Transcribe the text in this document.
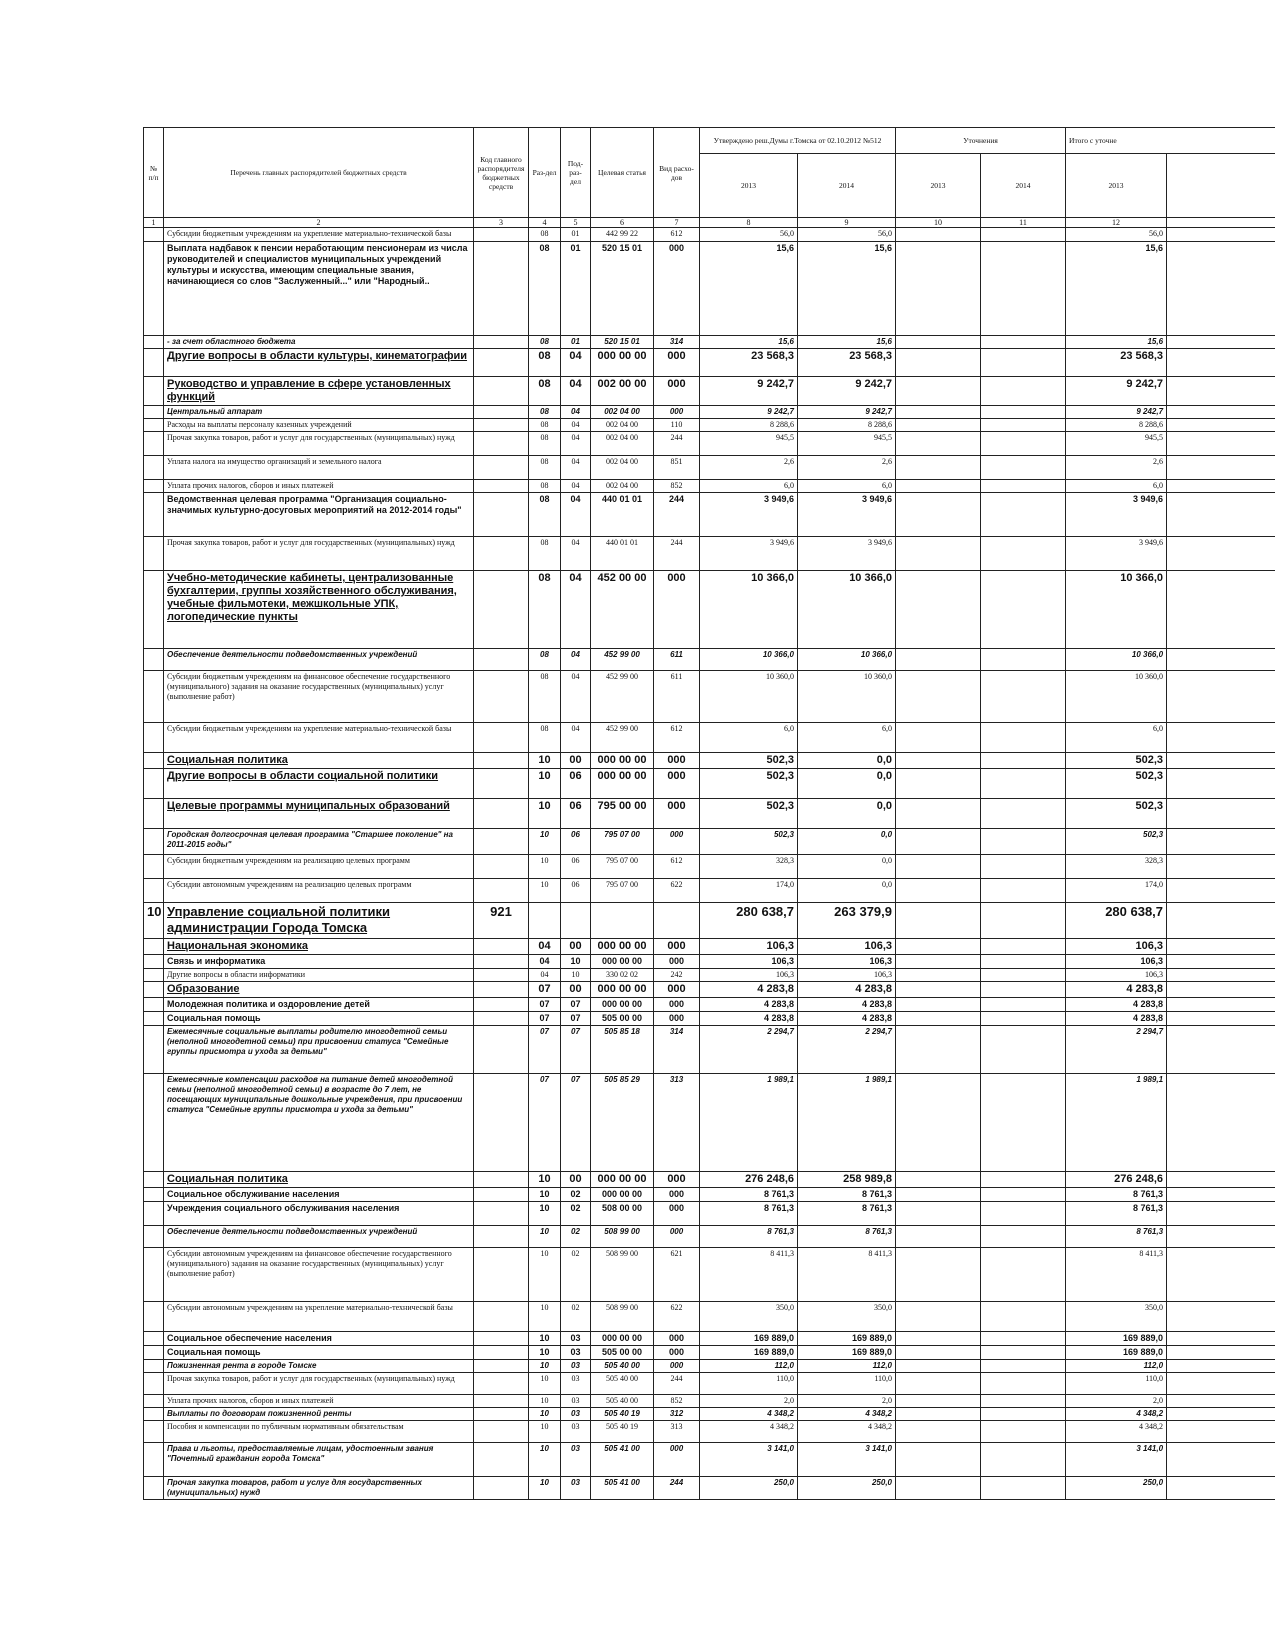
№ п/п	Перечень главных распорядителей бюджетных средств	Код главного распорядителя бюджетных средств	Раз-дел	Под-раз-дел	Целевая статья	Вид расхо-дов	Утверждено реш.Думы г.Томска от 02.10.2012 №512		Уточнения		Итого с уточне	
							2013	2014	2013	2014	2013	
1	2	3	4	5	6	7	8	9	10	11	12	
	Субсидии бюджетным учреждениям на укрепление материально-технической базы		08	01	442 99 22	612	56,0	56,0			56,0	
	Выплата надбавок к пенсии неработающим пенсионерам из числа руководителей и специалистов муниципальных учреждений культуры и искусства, имеющим специальные звания, начинающиеся со слов "Заслуженный..." или "Народный..		08	01	520 15 01	000	15,6	15,6			15,6	
	- за счет областного бюджета		08	01	520 15 01	314	15,6	15,6			15,6	
	Другие вопросы в области культуры, кинематографии		08	04	000 00 00	000	23 568,3	23 568,3			23 568,3	
	Руководство и управление в сфере установленных функций		08	04	002 00 00	000	9 242,7	9 242,7			9 242,7	
	Центральный аппарат		08	04	002 04 00	000	9 242,7	9 242,7			9 242,7	
	Расходы на выплаты персоналу казенных учреждений		08	04	002 04 00	110	8 288,6	8 288,6			8 288,6	
	Прочая закупка товаров, работ и услуг для государственных (муниципальных) нужд		08	04	002 04 00	244	945,5	945,5			945,5	
	Уплата налога на имущество организаций и земельного налога		08	04	002 04 00	851	2,6	2,6			2,6	
	Уплата прочих налогов, сборов и иных платежей		08	04	002 04 00	852	6,0	6,0			6,0	
	Ведомственная целевая программа "Организация социально-значимых культурно-досуговых мероприятий на 2012-2014 годы"		08	04	440 01 01	244	3 949,6	3 949,6			3 949,6	
	Прочая закупка товаров, работ и услуг для государственных (муниципальных) нужд		08	04	440 01 01	244	3 949,6	3 949,6			3 949,6	
	Учебно-методические кабинеты, централизованные бухгалтерии, группы хозяйственного обслуживания, учебные фильмотеки, межшкольные УПК, логопедические пункты		08	04	452 00 00	000	10 366,0	10 366,0			10 366,0	
	Обеспечение деятельности подведомственных учреждений		08	04	452 99 00	611	10 366,0	10 366,0			10 366,0	
	Субсидии бюджетным учреждениям на финансовое обеспечение государственного (муниципального) задания на оказание государственных (муниципальных) услуг (выполнение работ)		08	04	452 99 00	611	10 360,0	10 360,0			10 360,0	
	Субсидии бюджетным учреждениям на укрепление материально-технической базы		08	04	452 99 00	612	6,0	6,0			6,0	
	Социальная политика		10	00	000 00 00	000	502,3	0,0			502,3	
	Другие вопросы в области социальной политики		10	06	000 00 00	000	502,3	0,0			502,3	
	Целевые программы муниципальных образований		10	06	795 00 00	000	502,3	0,0			502,3	
	Городская долгосрочная целевая программа "Старшее поколение" на 2011-2015 годы"		10	06	795 07 00	000	502,3	0,0			502,3	
	Субсидии бюджетным учреждениям на реализацию целевых программ		10	06	795 07 00	612	328,3	0,0			328,3	
	Субсидии автономным учреждениям на реализацию целевых программ		10	06	795 07 00	622	174,0	0,0			174,0	
10	Управление социальной политики администрации Города Томска	921					280 638,7	263 379,9			280 638,7	
	Национальная экономика		04	00	000 00 00	000	106,3	106,3			106,3	
	Связь и информатика		04	10	000 00 00	000	106,3	106,3			106,3	
	Другие вопросы в области информатики		04	10	330 02 02	242	106,3	106,3			106,3	
	Образование		07	00	000 00 00	000	4 283,8	4 283,8			4 283,8	
	Молодежная политика и оздоровление детей		07	07	000 00 00	000	4 283,8	4 283,8			4 283,8	
	Социальная помощь		07	07	505 00 00	000	4 283,8	4 283,8			4 283,8	
	Ежемесячные социальные выплаты родителю многодетной семьи (неполной многодетной семьи) при присвоении статуса "Семейные группы присмотра и ухода за детьми"		07	07	505 85 18	314	2 294,7	2 294,7			2 294,7	
	Ежемесячные компенсации расходов на питание детей многодетной семьи (неполной многодетной семьи) в возрасте до 7 лет, не посещающих муниципальные дошкольные учреждения, при присвоении статуса "Семейные группы присмотра и ухода за детьми"		07	07	505 85 29	313	1 989,1	1 989,1			1 989,1	
	Социальная политика		10	00	000 00 00	000	276 248,6	258 989,8			276 248,6	
	Социальное обслуживание населения		10	02	000 00 00	000	8 761,3	8 761,3			8 761,3	
	Учреждения социального обслуживания населения		10	02	508 00 00	000	8 761,3	8 761,3			8 761,3	
	Обеспечение деятельности подведомственных учреждений		10	02	508 99 00	000	8 761,3	8 761,3			8 761,3	
	Субсидии автономным учреждениям на финансовое обеспечение государственного (муниципального) задания на оказание государственных (муниципальных) услуг (выполнение работ)		10	02	508 99 00	621	8 411,3	8 411,3			8 411,3	
	Субсидии автономным учреждениям на укрепление материально-технической базы		10	02	508 99 00	622	350,0	350,0			350,0	
	Социальное обеспечение населения		10	03	000 00 00	000	169 889,0	169 889,0			169 889,0	
	Социальная помощь		10	03	505 00 00	000	169 889,0	169 889,0			169 889,0	
	Пожизненная рента в городе Томске		10	03	505 40 00	000	112,0	112,0			112,0	
	Прочая закупка товаров, работ и услуг для государственных (муниципальных) нужд		10	03	505 40 00	244	110,0	110,0			110,0	
	Уплата прочих налогов, сборов и иных платежей		10	03	505 40 00	852	2,0	2,0			2,0	
	Выплаты по договорам пожизненной ренты		10	03	505 40 19	312	4 348,2	4 348,2			4 348,2	
	Пособия и компенсации по публичным нормативным обязательствам		10	03	505 40 19	313	4 348,2	4 348,2			4 348,2	
	Права и льготы, предоставляемые лицам, удостоенным звания "Почетный гражданин города Томска"		10	03	505 41 00	000	3 141,0	3 141,0			3 141,0	
	Прочая закупка товаров, работ и услуг для государственных (муниципальных) нужд		10	03	505 41 00	244	250,0	250,0			250,0	
